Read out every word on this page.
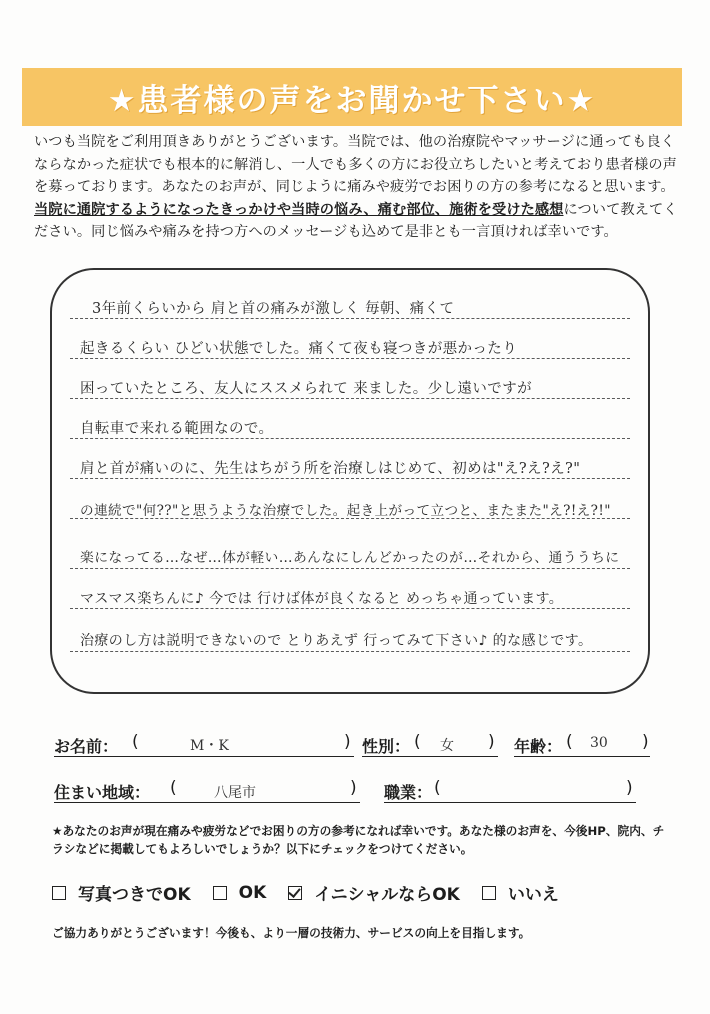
★患者様の声をお聞かせ下さい★
いつも当院をご利用頂きありがとうございます。当院では、他の治療院やマッサージに通っても良くならなかった症状でも根本的に解消し、一人でも多くの方にお役立ちしたいと考えており患者様の声を募っております。あなたのお声が、同じように痛みや疲労でお困りの方の参考になると思います。当院に通院するようになったきっかけや当時の悩み、痛む部位、施術を受けた感想について教えてください。同じ悩みや痛みを持つ方へのメッセージも込めて是非とも一言頂ければ幸いです。
3年前くらいから 肩と首の痛みが激しく 毎朝、痛くて
起きるくらい ひどい状態でした。痛くて夜も寝つきが悪かったり
困っていたところ、友人にススメられて 来ました。少し遠いですが
自転車で来れる範囲なので。
肩と首が痛いのに、先生はちがう所を治療しはじめて、初めは"え?え?え?"
の連続で"何??"と思うような治療でした。起き上がって立つと、またまた"え?!え?!"
楽になってる…なぜ…体が軽い…あんなにしんどかったのが…それから、通ううちに
マスマス楽ちんに♪ 今では 行けば体が良くなると めっちゃ通っています。
治療のし方は説明できないので とりあえず 行ってみて下さい♪ 的な感じです。
お名前： (	M・K	) 性別： ( 女 ) 年齢： ( 30 )
住まい地域： (	八尾市	) 職業： (	)
★あなたのお声が現在痛みや疲労などでお困りの方の参考になれば幸いです。あなた様のお声を、今後HP、院内、チラシなどに掲載してもよろしいでしょうか？以下にチェックをつけてください。
写真つきでOK	OK	イニシャルならOK	いいえ
ご協力ありがとうございます！今後も、より一層の技術力、サービスの向上を目指します。
